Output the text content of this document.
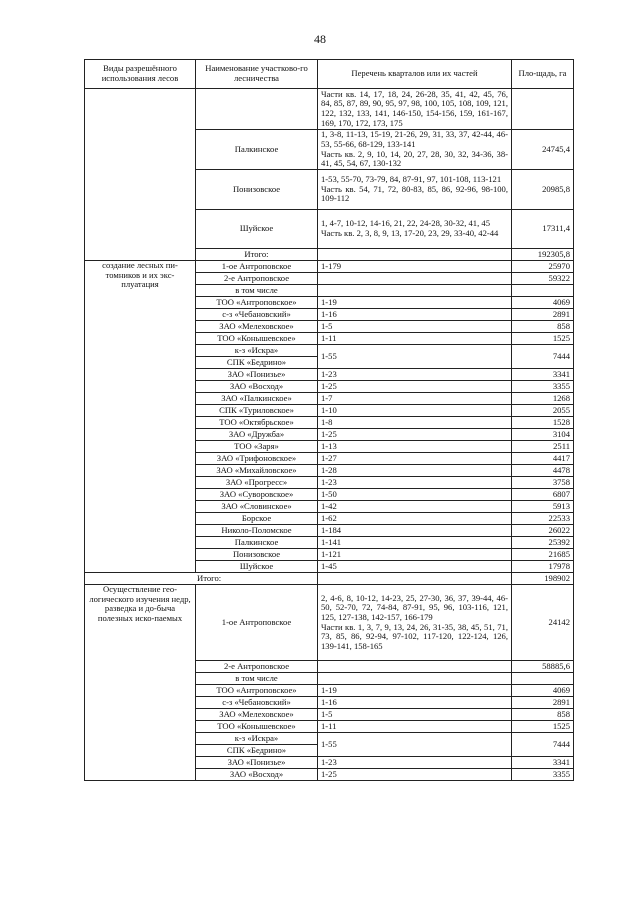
48
Виды разрешённого использования лесов	Наименование участково-го лесничества	Перечень кварталов или их частей	Пло-щадь, га

		Части кв. 14, 17, 18, 24, 26-28, 35, 41, 42, 45, 76, 84, 85, 87, 89, 90, 95, 97, 98, 100, 105, 108, 109, 121, 122, 132, 133, 141, 146-150, 154-156, 159, 161-167, 169, 170, 172, 173, 175	

	Палкинское	1, 3-8, 11-13, 15-19, 21-26, 29, 31, 33, 37, 42-44, 46-53, 55-66, 68-129, 133-141
Часть кв. 2, 9, 10, 14, 20, 27, 28, 30, 32, 34-36, 38-41, 45, 54, 67, 130-132	24745,4
	Понизовское	1-53, 55-70, 73-79, 84, 87-91, 97, 101-108, 113-121
Часть кв. 54, 71, 72, 80-83, 85, 86, 92-96, 98-100, 109-112	20985,8
	Шуйское	1, 4-7, 10-12, 14-16, 21, 22, 24-28, 30-32, 41, 45
Часть кв. 2, 3, 8, 9, 13, 17-20, 23, 29, 33-40, 42-44	17311,4
	Итого:		192305,8
создание лесных пи-томников и их экс-плуатация	1-ое Антроповское	1-179	25970
	2-е Антроповское		59322
	в том числе	

	ТОО «Антроповское»	1-19	4069
	с-з «Чебановский»	1-16	2891
	ЗАО «Мелеховское»	1-5	858
	ТОО «Конышевское»	1-11	1525
	к-з «Искра»	1-55	7444
	СПК «Бедрино»		
	ЗАО «Понизье»	1-23	3341
	ЗАО «Восход»	1-25	3355
	ЗАО «Палкинское»	1-7	1268
	СПК «Туриловское»	1-10	2055
	ТОО «Октябрьское»	1-8	1528
	ЗАО «Дружба»	1-25	3104
	ТОО «Заря»	1-13	2511
	ЗАО «Трифоновское»	1-27	4417
	ЗАО «Михайловское»	1-28	4478
	ЗАО «Прогресс»	1-23	3758
	ЗАО «Суворовское»	1-50	6807
	ЗАО «Словинское»	1-42	5913
	Борское	1-62	22533
	Николо-Поломское	1-184	26022
	Палкинское	1-141	25392
	Понизовское	1-121	21685
	Шуйское	1-45	17978
Итого:			198902
Осуществление гео-логического изучения недр, разведка и до-быча полезных иско-паемых	1-ое Антроповское	2, 4-6, 8, 10-12, 14-23, 25, 27-30, 36, 37, 39-44, 46-50, 52-70, 72, 74-84, 87-91, 95, 96, 103-116, 121, 125, 127-138, 142-157, 166-179
Части кв. 1, 3, 7, 9, 13, 24, 26, 31-35, 38, 45, 51, 71, 73, 85, 86, 92-94, 97-102, 117-120, 122-124, 126, 139-141, 158-165	24142
	2-е Антроповское		58885,6
	в том числе	

	ТОО «Антроповское»	1-19	4069
	с-з «Чебановский»	1-16	2891
	ЗАО «Мелеховское»	1-5	858
	ТОО «Конышевское»	1-11	1525
	к-з «Искра»	1-55	7444
	СПК «Бедрино»		
	ЗАО «Понизье»	1-23	3341
	ЗАО «Восход»	1-25	3355
